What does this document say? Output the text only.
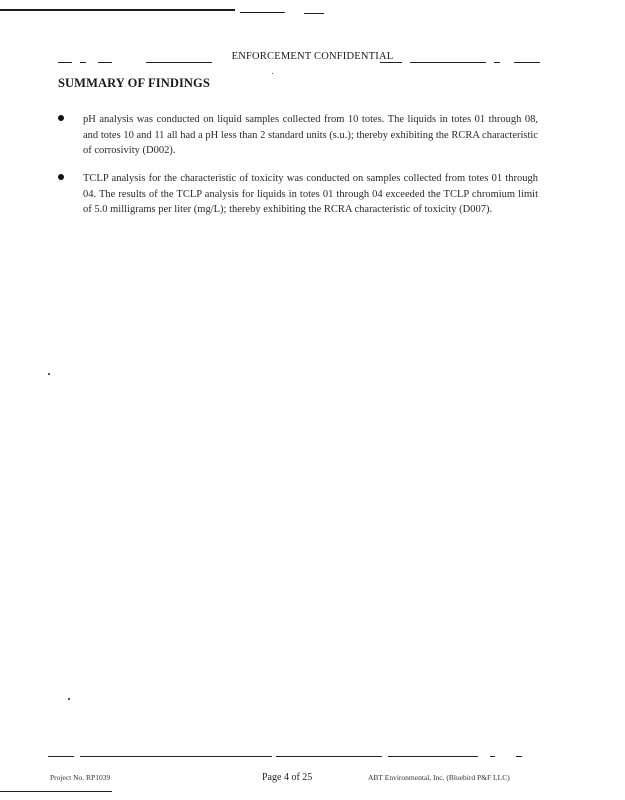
ENFORCEMENT CONFIDENTIAL
SUMMARY OF FINDINGS
pH analysis was conducted on liquid samples collected from 10 totes. The liquids in totes 01 through 08, and totes 10 and 11 all had a pH less than 2 standard units (s.u.); thereby exhibiting the RCRA characteristic of corrosivity (D002).
TCLP analysis for the characteristic of toxicity was conducted on samples collected from totes 01 through 04. The results of the TCLP analysis for liquids in totes 01 through 04 exceeded the TCLP chromium limit of 5.0 milligrams per liter (mg/L); thereby exhibiting the RCRA characteristic of toxicity (D007).
Project No. RP1039	Page 4 of 25	ABT Environmental, Inc. (Bluebird P&F LLC)
